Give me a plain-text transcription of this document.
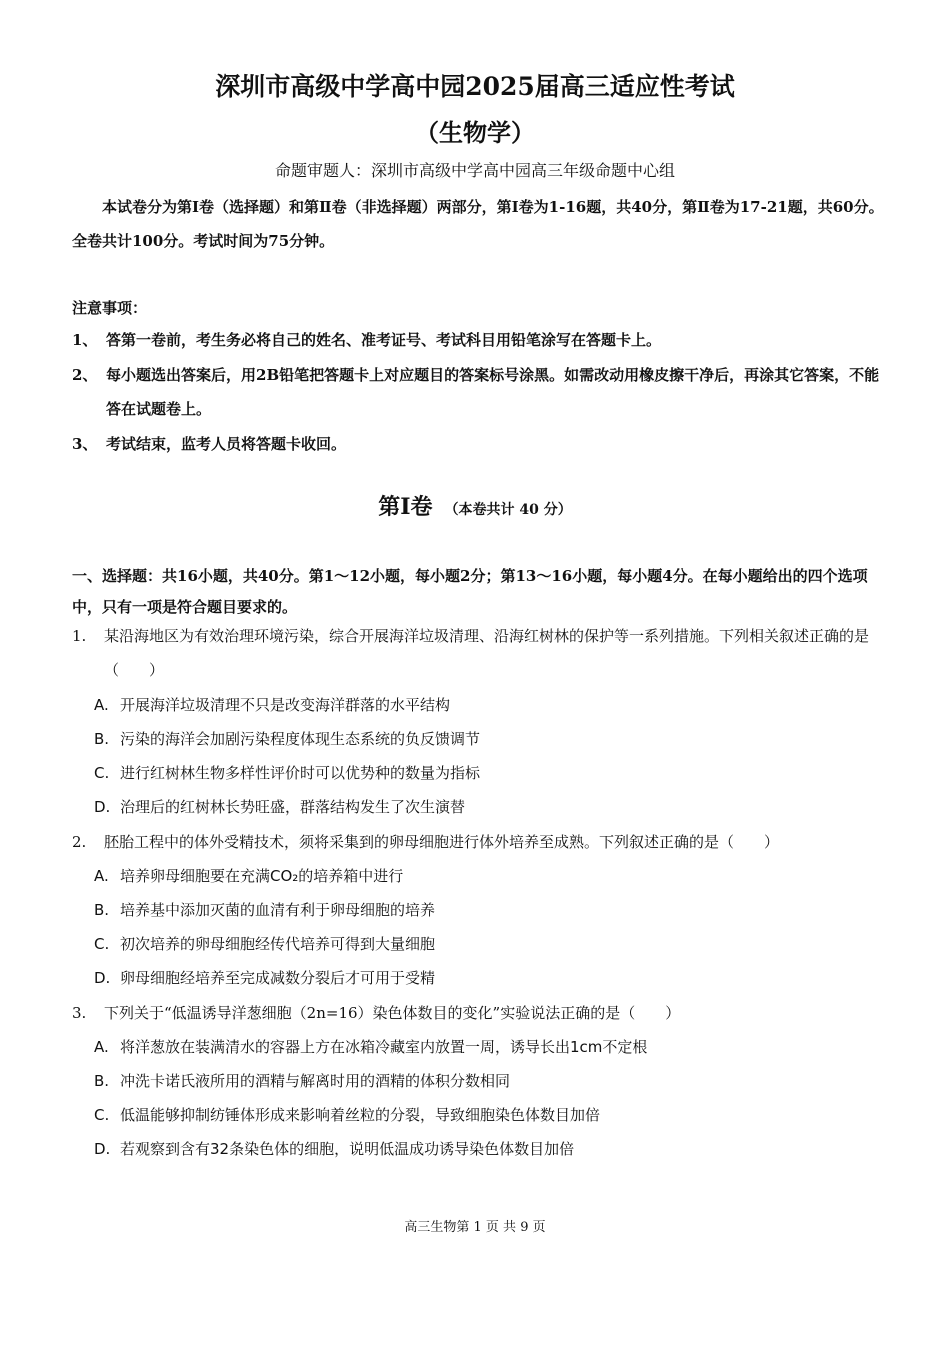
深圳市高级中学高中园2025届高三适应性考试
（生物学）
命题审题人：深圳市高级中学高中园高三年级命题中心组
本试卷分为第Ⅰ卷（选择题）和第Ⅱ卷（非选择题）两部分，第Ⅰ卷为1-16题，共40分，第Ⅱ卷为17-21题，共60分。全卷共计100分。考试时间为75分钟。
注意事项：
1、 答第一卷前，考生务必将自己的姓名、准考证号、考试科目用铅笔涂写在答题卡上。
2、 每小题选出答案后，用2B铅笔把答题卡上对应题目的答案标号涂黑。如需改动用橡皮擦干净后，再涂其它答案，不能答在试题卷上。
3、 考试结束，监考人员将答题卡收回。
第Ⅰ卷 （本卷共计 40 分）
一、选择题：共16小题，共40分。第1～12小题，每小题2分；第13～16小题，每小题4分。在每小题给出的四个选项中，只有一项是符合题目要求的。
1. 某沿海地区为有效治理环境污染，综合开展海洋垃圾清理、沿海红树林的保护等一系列措施。下列相关叙述正确的是（　　）
A. 开展海洋垃圾清理不只是改变海洋群落的水平结构
B. 污染的海洋会加剧污染程度体现生态系统的负反馈调节
C. 进行红树林生物多样性评价时可以优势种的数量为指标
D. 治理后的红树林长势旺盛，群落结构发生了次生演替
2. 胚胎工程中的体外受精技术，须将采集到的卵母细胞进行体外培养至成熟。下列叙述正确的是（　　）
A. 培养卵母细胞要在充满CO₂的培养箱中进行
B. 培养基中添加灭菌的血清有利于卵母细胞的培养
C. 初次培养的卵母细胞经传代培养可得到大量细胞
D. 卵母细胞经培养至完成减数分裂后才可用于受精
3. 下列关于“低温诱导洋葱细胞（2n=16）染色体数目的变化”实验说法正确的是（　　）
A. 将洋葱放在装满清水的容器上方在冰箱冷藏室内放置一周，诱导长出1cm不定根
B. 冲洗卡诺氏液所用的酒精与解离时用的酒精的体积分数相同
C. 低温能够抑制纺锤体形成来影响着丝粒的分裂，导致细胞染色体数目加倍
D. 若观察到含有32条染色体的细胞，说明低温成功诱导染色体数目加倍
高三生物第 1 页 共 9 页
